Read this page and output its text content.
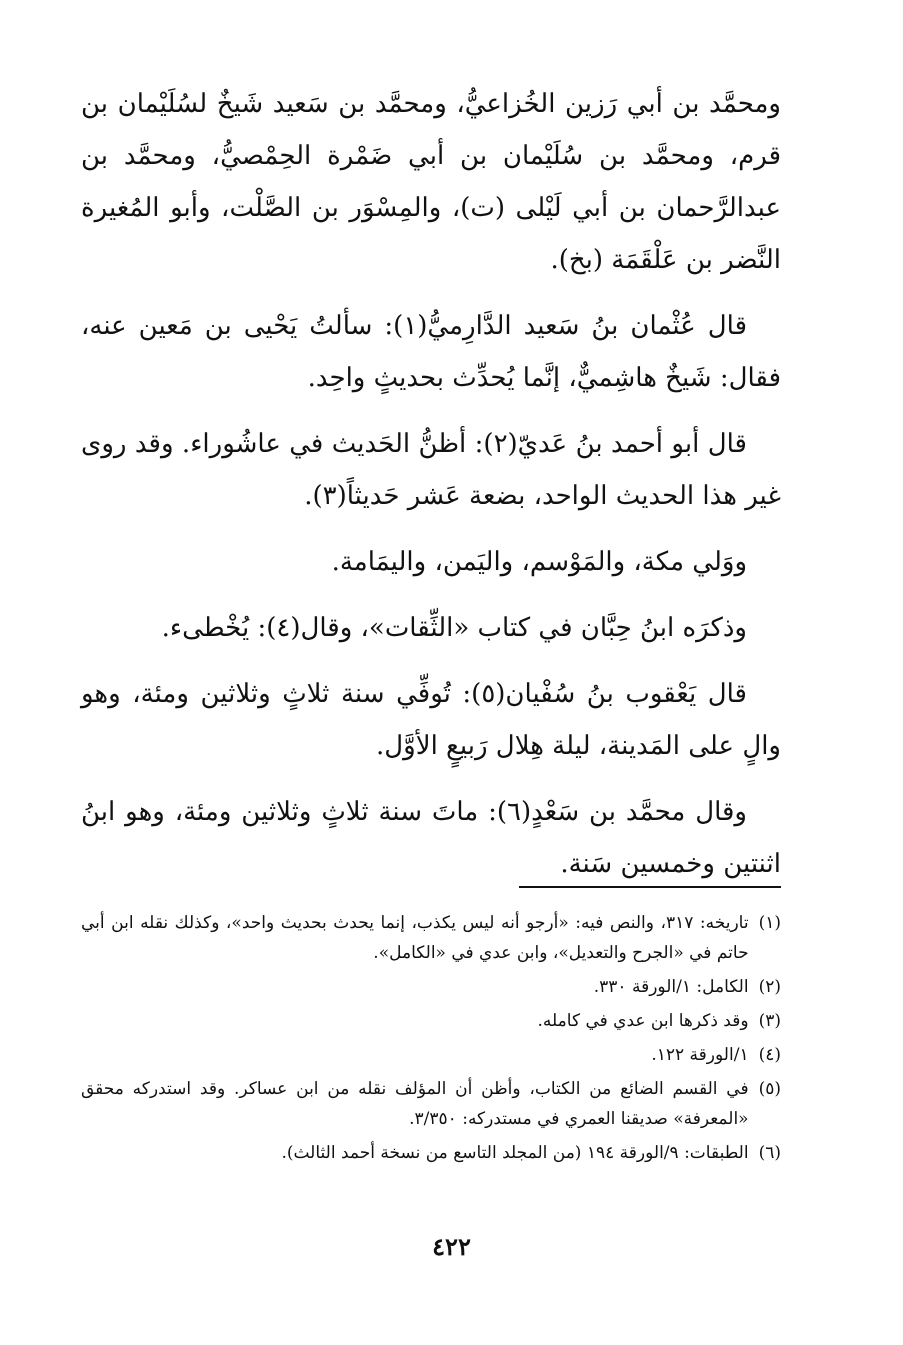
ومحمَّد بن أبي رَزين الخُزاعيُّ، ومحمَّد بن سَعيد شَيخٌ لسُلَيْمان بن قرم، ومحمَّد بن سُلَيْمان بن أبي ضَمْرة الحِمْصيُّ، ومحمَّد بن عبدالرَّحمان بن أبي لَيْلى (ت)، والمِسْوَر بن الصَّلْت، وأبو المُغيرة النَّضر بن عَلْقَمَة (بخ).

قال عُثْمان بنُ سَعيد الدَّارِميُّ(١): سألتُ يَحْيى بن مَعين عنه، فقال: شَيخٌ هاشِميٌّ، إنَّما يُحدِّث بحديثٍ واحِد.

قال أبو أحمد بنُ عَديّ(٢): أظنُّ الحَديث في عاشُوراء. وقد روى غير هذا الحديث الواحد، بضعة عَشر حَديثاً(٣).

ووَلي مكة، والمَوْسم، واليَمن، واليمَامة.

وذكرَه ابنُ حِبَّان في كتاب «الثِّقات»، وقال(٤): يُخْطىء.

قال يَعْقوب بنُ سُفْيان(٥): تُوفِّي سنة ثلاثٍ وثلاثين ومئة، وهو والٍ على المَدينة، ليلة هِلال رَبيعٍ الأوَّل.

وقال محمَّد بن سَعْدٍ(٦): ماتَ سنة ثلاثٍ وثلاثين ومئة، وهو ابنُ اثنتين وخمسين سَنة.

(١)
تاريخه: ٣١٧، والنص فيه: «أرجو أنه ليس يكذب، إنما يحدث بحديث واحد»، وكذلك نقله ابن أبي حاتم في «الجرح والتعديل»، وابن عدي في «الكامل».
(٢)
الكامل: ١/الورقة ٣٣٠.
(٣)
وقد ذكرها ابن عدي في كامله.
(٤)
١/الورقة ١٢٢.
(٥)
في القسم الضائع من الكتاب، وأظن أن المؤلف نقله من ابن عساكر. وقد استدركه محقق «المعرفة» صديقنا العمري في مستدركه: ٣/٣٥٠.
(٦)
الطبقات: ٩/الورقة ١٩٤ (من المجلد التاسع من نسخة أحمد الثالث).
٤٢٢
